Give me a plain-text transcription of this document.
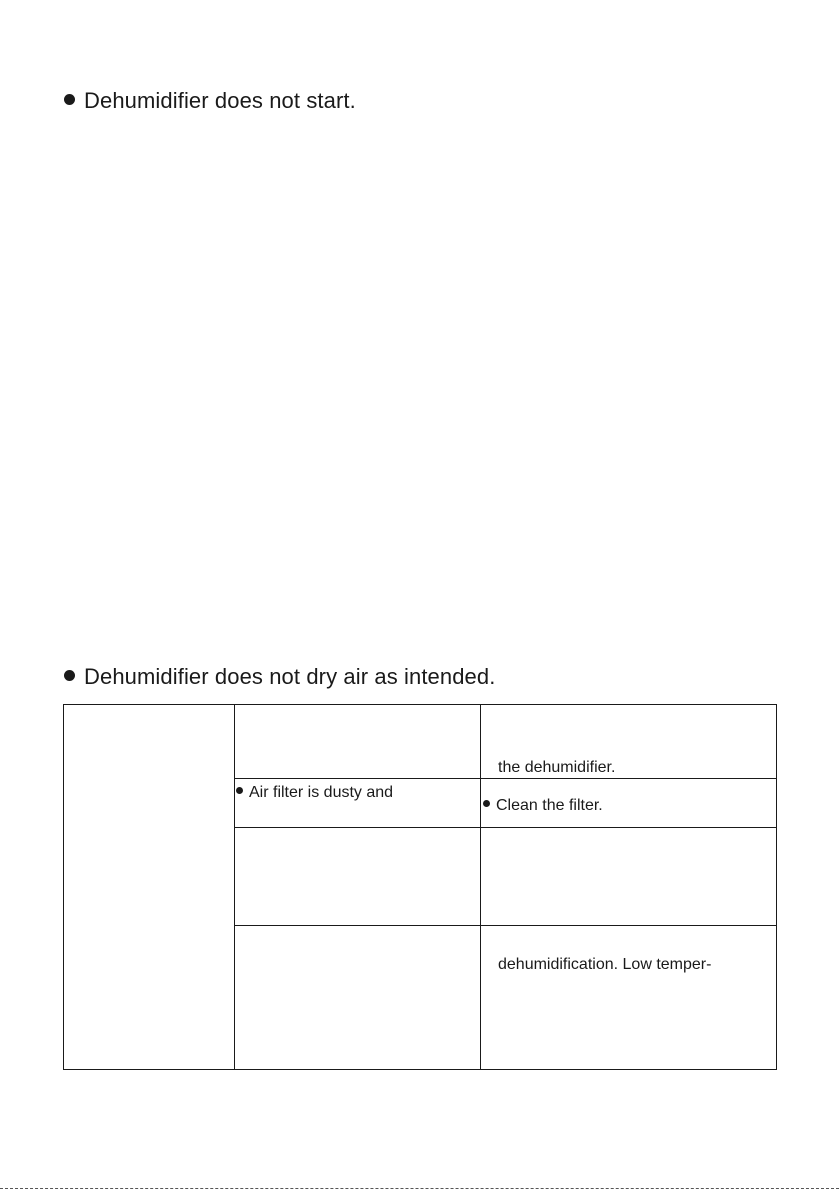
Dehumidifier does not start.
Dehumidifier does not dry air as intended.
the dehumidifier.
Air filter is dusty and
Clean the filter.
dehumidification. Low temper-
